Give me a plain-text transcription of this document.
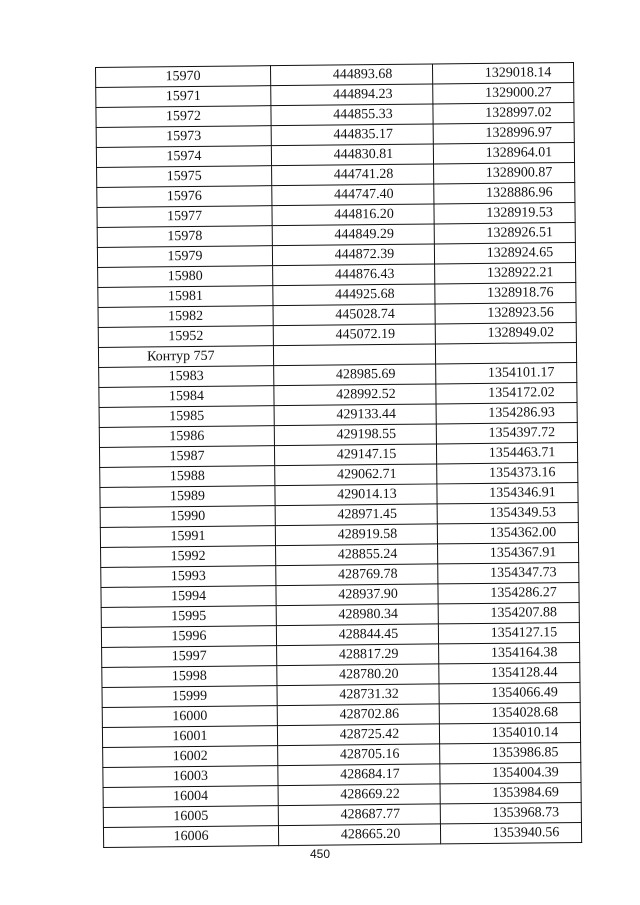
15970	444893.68	1329018.14
15971	444894.23	1329000.27
15972	444855.33	1328997.02
15973	444835.17	1328996.97
15974	444830.81	1328964.01
15975	444741.28	1328900.87
15976	444747.40	1328886.96
15977	444816.20	1328919.53
15978	444849.29	1328926.51
15979	444872.39	1328924.65
15980	444876.43	1328922.21
15981	444925.68	1328918.76
15982	445028.74	1328923.56
15952	445072.19	1328949.02
Контур 757		
15983	428985.69	1354101.17
15984	428992.52	1354172.02
15985	429133.44	1354286.93
15986	429198.55	1354397.72
15987	429147.15	1354463.71
15988	429062.71	1354373.16
15989	429014.13	1354346.91
15990	428971.45	1354349.53
15991	428919.58	1354362.00
15992	428855.24	1354367.91
15993	428769.78	1354347.73
15994	428937.90	1354286.27
15995	428980.34	1354207.88
15996	428844.45	1354127.15
15997	428817.29	1354164.38
15998	428780.20	1354128.44
15999	428731.32	1354066.49
16000	428702.86	1354028.68
16001	428725.42	1354010.14
16002	428705.16	1353986.85
16003	428684.17	1354004.39
16004	428669.22	1353984.69
16005	428687.77	1353968.73
16006	428665.20	1353940.56
450
